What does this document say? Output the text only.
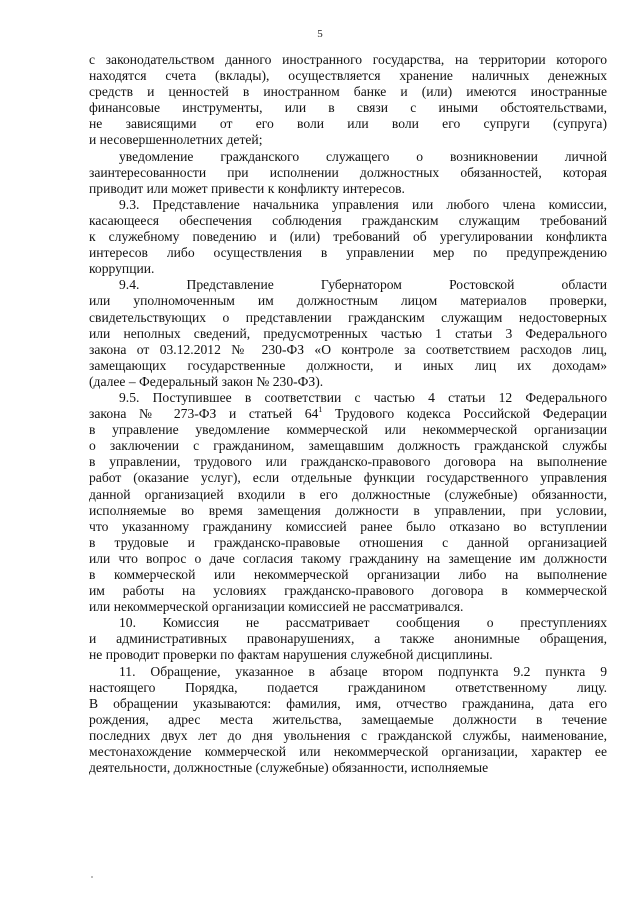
5
с законодательством данного иностранного государства, на территории которого
находятся счета (вклады), осуществляется хранение наличных денежных
средств и ценностей в иностранном банке и (или) имеются иностранные
финансовые инструменты, или в связи с иными обстоятельствами,
не зависящими от его воли или воли его супруги (супруга)
и несовершеннолетних детей;
уведомление гражданского служащего о возникновении личной
заинтересованности при исполнении должностных обязанностей, которая
приводит или может привести к конфликту интересов.
9.3. Представление начальника управления или любого члена комиссии,
касающееся обеспечения соблюдения гражданским служащим требований
к служебному поведению и (или) требований об урегулировании конфликта
интересов либо осуществления в управлении мер по предупреждению
коррупции.
9.4. Представление Губернатором Ростовской области
или уполномоченным им должностным лицом материалов проверки,
свидетельствующих о представлении гражданским служащим недостоверных
или неполных сведений, предусмотренных частью 1 статьи 3 Федерального
закона от 03.12.2012 № 230-ФЗ «О контроле за соответствием расходов лиц,
замещающих государственные должности, и иных лиц их доходам»
(далее – Федеральный закон № 230-ФЗ).
9.5. Поступившее в соответствии с частью 4 статьи 12 Федерального
закона № 273-ФЗ и статьей $64^1$ Трудового кодекса Российской Федерации
в управление уведомление коммерческой или некоммерческой организации
о заключении с гражданином, замещавшим должность гражданской службы
в управлении, трудового или гражданско-правового договора на выполнение
работ (оказание услуг), если отдельные функции государственного управления
данной организацией входили в его должностные (служебные) обязанности,
исполняемые во время замещения должности в управлении, при условии,
что указанному гражданину комиссией ранее было отказано во вступлении
в трудовые и гражданско-правовые отношения с данной организацией
или что вопрос о даче согласия такому гражданину на замещение им должности
в коммерческой или некоммерческой организации либо на выполнение
им работы на условиях гражданско-правового договора в коммерческой
или некоммерческой организации комиссией не рассматривался.
10. Комиссия не рассматривает сообщения о преступлениях
и административных правонарушениях, а также анонимные обращения,
не проводит проверки по фактам нарушения служебной дисциплины.
11. Обращение, указанное в абзаце втором подпункта 9.2 пункта 9
настоящего Порядка, подается гражданином ответственному лицу.
В обращении указываются: фамилия, имя, отчество гражданина, дата его
рождения, адрес места жительства, замещаемые должности в течение
последних двух лет до дня увольнения с гражданской службы, наименование,
местонахождение коммерческой или некоммерческой организации, характер ее
деятельности, должностные (служебные) обязанности, исполняемые
